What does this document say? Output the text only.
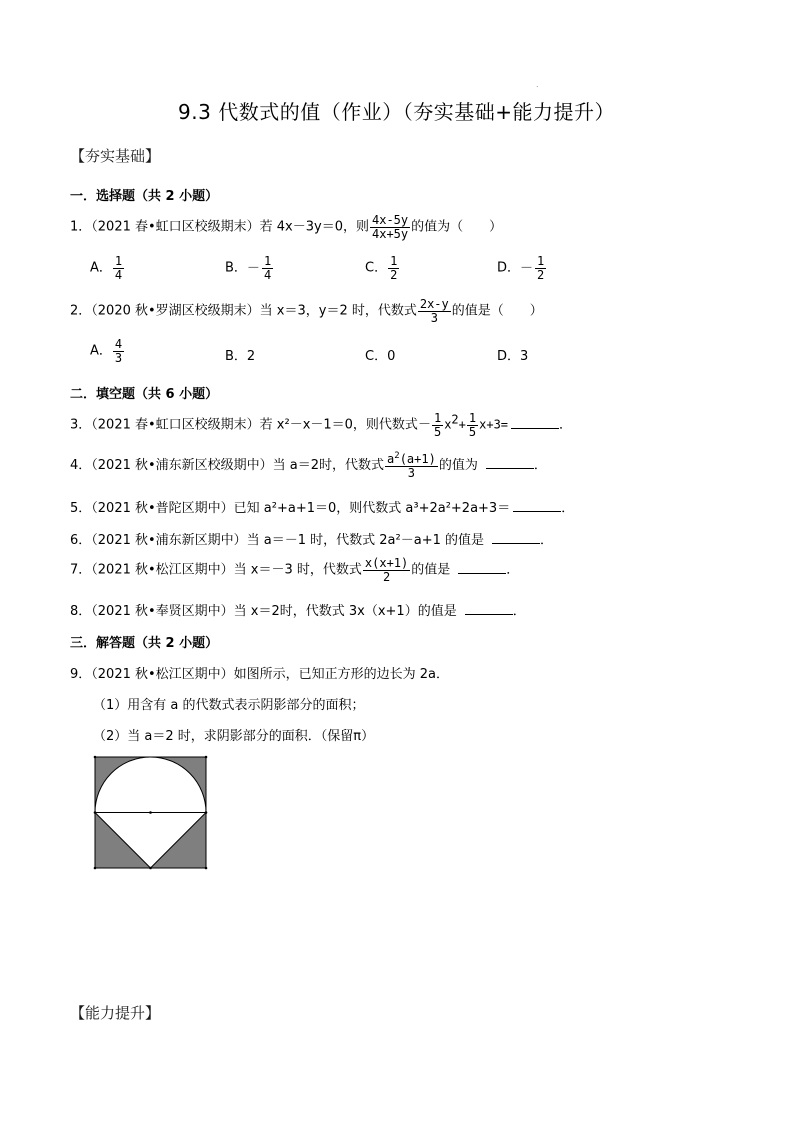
.
9.3 代数式的值（作业）（夯实基础+能力提升）
【夯实基础】
一．选择题（共 2 小题）
1．（2021 春•虹口区校级期末）若 4x－3y＝0，则 $\frac{4x-5y}{4x+5y}$ 的值为（　　）
A． $\frac{1}{4}$	B．－ $\frac{1}{4}$	C． $\frac{1}{2}$	D．－ $\frac{1}{2}$
2．（2020 秋•罗湖区校级期末）当 x＝3，y＝2 时，代数式 $\frac{2x-y}{3}$ 的值是（　　）
A． $\frac{4}{3}$	B．2	C．0	D．3
二．填空题（共 6 小题）
3．（2021 春•虹口区校级期末）若 x²－x－1＝0，则代数式－ $\frac{1}{5} x^2+ \frac{1}{5} x+3=$	．
4．（2021 秋•浦东新区校级期中）当 a＝2时，代数式 $\frac{a^2(a+1)}{3}$ 的值为	．
5．（2021 秋•普陀区期中）已知 a²+a+1＝0，则代数式 a³+2a²+2a+3＝	．
6．（2021 秋•浦东新区期中）当 a＝－1 时，代数式 2a²－a+1 的值是	．
7．（2021 秋•松江区期中）当 x＝－3 时，代数式 $\frac{x(x+1)}{2}$ 的值是	．
8．（2021 秋•奉贤区期中）当 x＝2时，代数式 3x（x+1）的值是	．
三．解答题（共 2 小题）
9．（2021 秋•松江区期中）如图所示，已知正方形的边长为 2a．
（1）用含有 a 的代数式表示阴影部分的面积；
（2）当 a＝2 时，求阴影部分的面积．（保留π）
【能力提升】
